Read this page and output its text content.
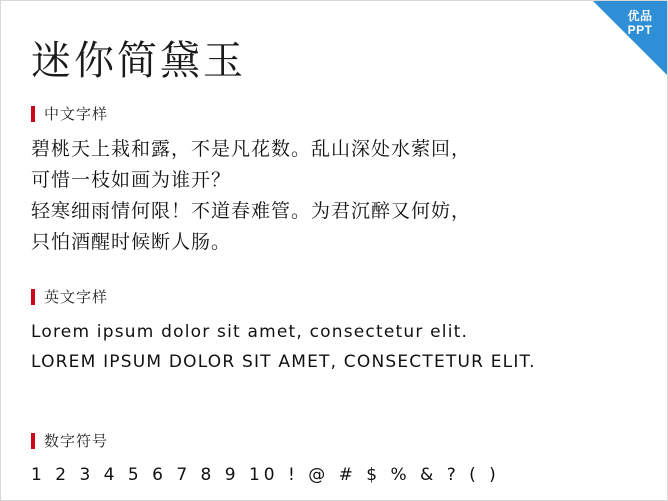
优品
PPT
迷你简黛玉
中文字样
碧桃天上栽和露，不是凡花数。乱山深处水萦回，
可惜一枝如画为谁开？
轻寒细雨情何限！不道春难管。为君沉醉又何妨，
只怕酒醒时候断人肠。
英文字样
Lorem ipsum dolor sit amet, consectetur elit.
LOREM IPSUM DOLOR SIT AMET, CONSECTETUR ELIT.
数字符号
1 2 3 4 5 6 7 8 9 10 ! @ # $ % & ? ( )
